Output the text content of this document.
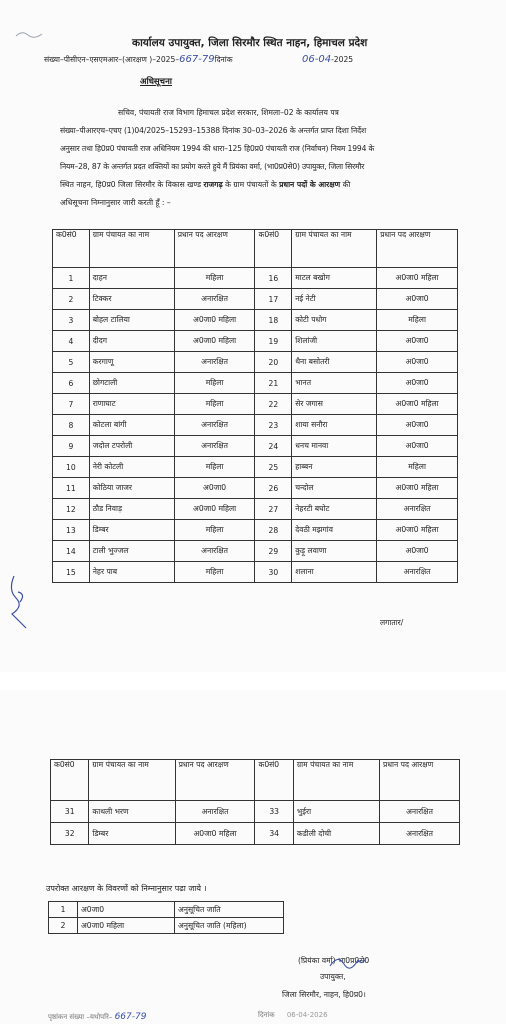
कार्यालय उपायुक्त, जिला सिरमौर स्थित नाहन, हिमाचल प्रदेश
संख्या–पीसीएन–एसएमआर–(आरक्षण )–2025–667-79दिनांक	06-04-2025
अधिसूचना
सचिव, पंचायती राज विभाग हिमाचल प्रदेश सरकार, शिमला–02 के कार्यालय पत्र
संख्या–पीआरएच–एचए (1)04/2025–15293–15388 दिनांक 30–03–2026 के अन्तर्गत प्राप्त दिशा निर्देश
अनुसार तथा हि0प्र0 पंचायती राज अधिनियम 1994 की धारा–125 हि0प्र0 पंचायती राज (निर्वाचन) नियम 1994 के
नियम–28, 87 के अन्तर्गत प्रदत शक्तियों का प्रयोग करते हुये मैं प्रियंका वर्मा, (भा0प्र0से0) उपायुक्त, जिला सिरमौर
स्थित नाहन, हि0प्र0 जिला सिरमौर के विकास खण्ड राजगढ़ के ग्राम पंचायतों के प्रधान पदों के आरक्षण की
अधिसूचना निम्नानुसार जारी करती हूँ : –
क0सं0	ग्राम पंचायत का नाम	प्रधान पद आरक्षण	क0सं0	ग्राम पंचायत का नाम	प्रधान पद आरक्षण
1	दाहन	महिला	16	माटल बखोग	अ0जा0 महिला
2	टिक्कर	अनारक्षित	17	नई नेटी	अ0जा0
3	बोहल टालिया	अ0जा0 महिला	18	कोटी पधोग	महिला
4	दीदग	अ0जा0 महिला	19	शिलांजी	अ0जा0
5	करगाणू	अनारक्षित	20	थैना बसोतरी	अ0जा0
6	छोगटाली	महिला	21	भानत	अ0जा0
7	राणाघाट	महिला	22	सेर जगास	अ0जा0 महिला
8	कोटला बांगी	अनारक्षित	23	शाया सनौरा	अ0जा0
9	जदोल टपरोली	अनारक्षित	24	धनच मानवा	अ0जा0
10	नेरी कोटली	महिला	25	हाब्बन	महिला
11	कोठिया जाजर	अ0जा0	26	चन्दोल	अ0जा0 महिला
12	ठौड निवाड़	अ0जा0 महिला	27	नेहरटी बघोट	अनारक्षित
13	डिम्बर	महिला	28	देवठी मझगांव	अ0जा0 महिला
14	टाली भुज्जल	अनारक्षित	29	कुड़ू लवाणा	अ0जा0
15	नेहर पाब	महिला	30	शलाना	अनारक्षित
लगातार/
क0सं0	ग्राम पंचायत का नाम	प्रधान पद आरक्षण	क0सं0	ग्राम पंचायत का नाम	प्रधान पद आरक्षण
31	काथली भरण	अनारक्षित	33	भुईरा	अनारक्षित
32	डिम्बर	अ0जा0 महिला	34	कडीली दोची	अनारक्षित
उपरोक्त आरक्षण के विवरणों को निम्नानुसार पढा जाये ।
1	अ0जा0	अनुसूचित जाति
2	अ0जा0 महिला	अनुसूचित जाति (महिला)
(प्रियंका वर्मा) भा0प्र0से0
उपायुक्त,
जिला सिरमौर, नाहन, हि0प्र0।
पृष्ठांकन संख्या –यथोपरि– 667-79	दिनांक 06-04-2026
